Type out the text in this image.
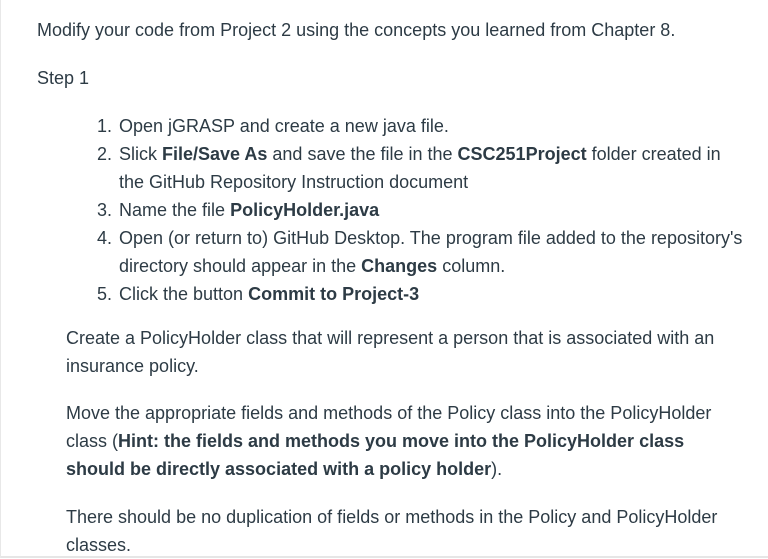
Modify your code from Project 2 using the concepts you learned from Chapter 8.

Step 1

1. Open jGRASP and create a new java file.
2. Slick File/Save As and save the file in the CSC251Project folder created in the GitHub Repository Instruction document
3. Name the file PolicyHolder.java
4. Open (or return to) GitHub Desktop. The program file added to the repository's directory should appear in the Changes column.
5. Click the button Commit to Project-3

Create a PolicyHolder class that will represent a person that is associated with an insurance policy.

Move the appropriate fields and methods of the Policy class into the PolicyHolder class (Hint: the fields and methods you move into the PolicyHolder class should be directly associated with a policy holder).

There should be no duplication of fields or methods in the Policy and PolicyHolder classes.
